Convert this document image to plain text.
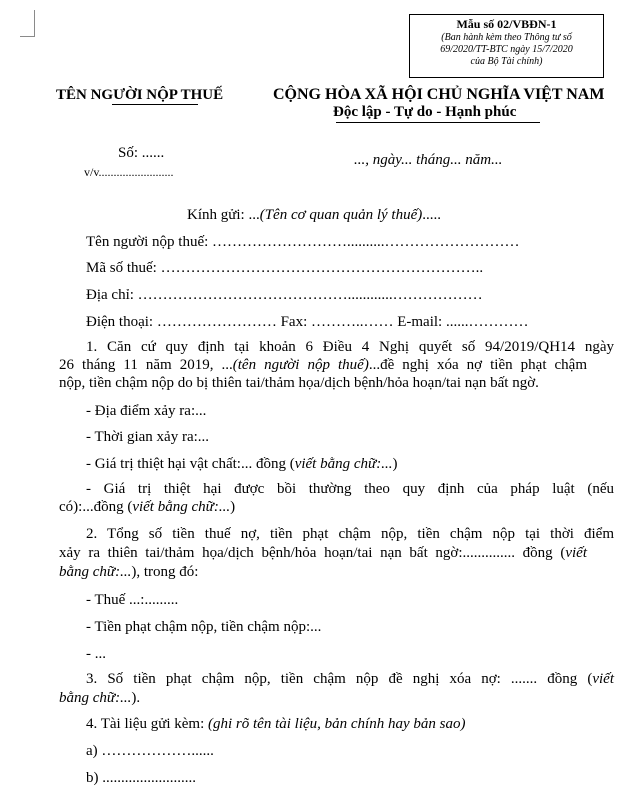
Mẫu số 02/VBĐN-1
(Ban hành kèm theo Thông tư số
69/2020/TT-BTC ngày 15/7/2020
của Bộ Tài chính)
TÊN NGƯỜI NỘP THUẾ	CỘNG HÒA XÃ HỘI CHỦ NGHĨA VIỆT NAM
Độc lập - Tự do - Hạnh phúc
Số: ......
v/v.........................
..., ngày... tháng... năm...
Kính gửi: ...(Tên cơ quan quản lý thuế).....
Tên người nộp thuế: ………………………..........………………………
Mã số thuế: ………………………………………………………..
Địa chỉ: ……………………………………............………………
Điện thoại: …………………… Fax: ………..…… E-mail: ......…………
1. Căn cứ quy định tại khoản 6 Điều 4 Nghị quyết số 94/2019/QH14 ngày
26 tháng 11 năm 2019, ...(tên người nộp thuế)...đề nghị xóa nợ tiền phạt chậm
nộp, tiền chậm nộp do bị thiên tai/thảm họa/dịch bệnh/hỏa hoạn/tai nạn bất ngờ.
- Địa điểm xảy ra:...
- Thời gian xảy ra:...
- Giá trị thiệt hại vật chất:... đồng (viết bằng chữ:...)
- Giá trị thiệt hại được bồi thường theo quy định của pháp luật (nếu
có):...đồng (viết bằng chữ:...)
2. Tổng số tiền thuế nợ, tiền phạt chậm nộp, tiền chậm nộp tại thời điểm
xảy ra thiên tai/thảm họa/dịch bệnh/hỏa hoạn/tai nạn bất ngờ:.............. đồng (viết
bằng chữ:...), trong đó:
- Thuế ...:.........
- Tiền phạt chậm nộp, tiền chậm nộp:...
- ...
3. Số tiền phạt chậm nộp, tiền chậm nộp đề nghị xóa nợ: ....... đồng (viết
bằng chữ:...).
4. Tài liệu gửi kèm: (ghi rõ tên tài liệu, bản chính hay bản sao)
a) ………………......
b) .........................
